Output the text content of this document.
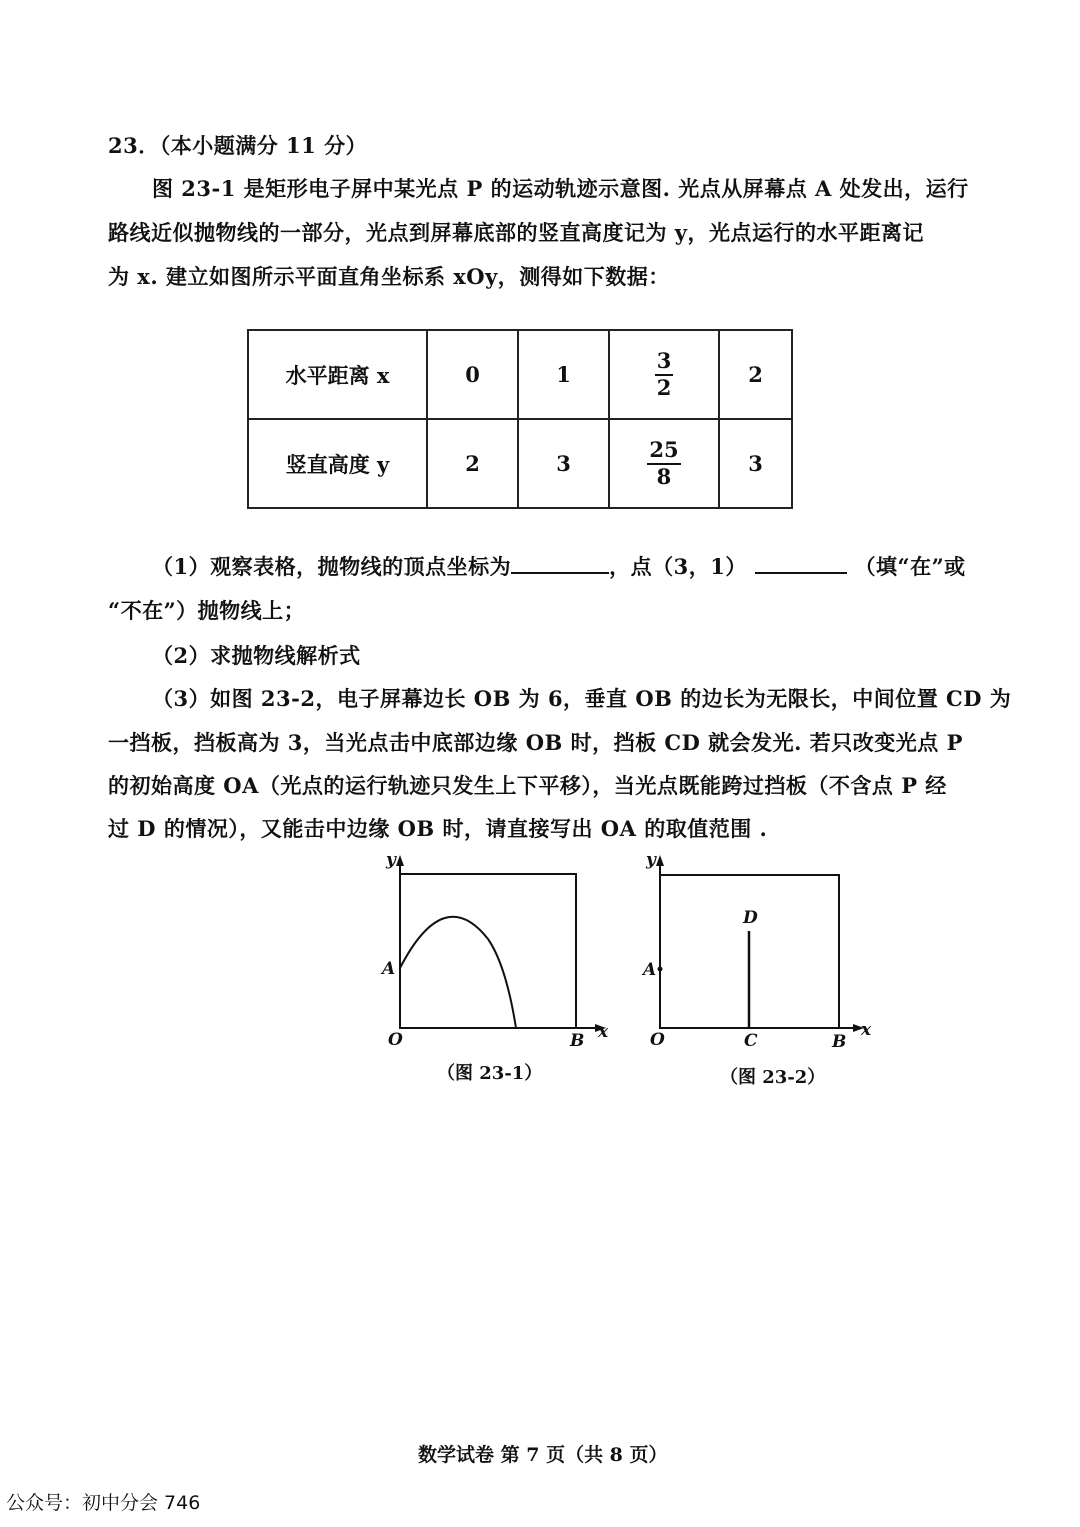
23．（本小题满分 11 分）
图 23-1 是矩形电子屏中某光点 P 的运动轨迹示意图. 光点从屏幕点 A 处发出，运行
路线近似抛物线的一部分，光点到屏幕底部的竖直高度记为 y，光点运行的水平距离记
为 x. 建立如图所示平面直角坐标系 xOy，测得如下数据：
水平距离 x	0	1	$\frac{3}{2}$	2
竖直高度 y	2	3	$\frac{25}{8}$	3
（1）观察表格，抛物线的顶点坐标为	，点（3，1）	（填“在”或
“不在”）抛物线上；
（2）求抛物线解析式
（3）如图 23-2，电子屏幕边长 OB 为 6，垂直 OB 的边长为无限长，中间位置 CD 为
一挡板，挡板高为 3，当光点击中底部边缘 OB 时，挡板 CD 就会发光. 若只改变光点 P
的初始高度 OA（光点的运行轨迹只发生上下平移），当光点既能跨过挡板（不含点 P 经
过 D 的情况），又能击中边缘 OB 时，请直接写出 OA 的取值范围 .
y
x
A
O	B
（图 23-1）
y
x
A
D
O	C	B
（图 23-2）
数学试卷 第 7 页（共 8 页）
公众号：初中分会 746
